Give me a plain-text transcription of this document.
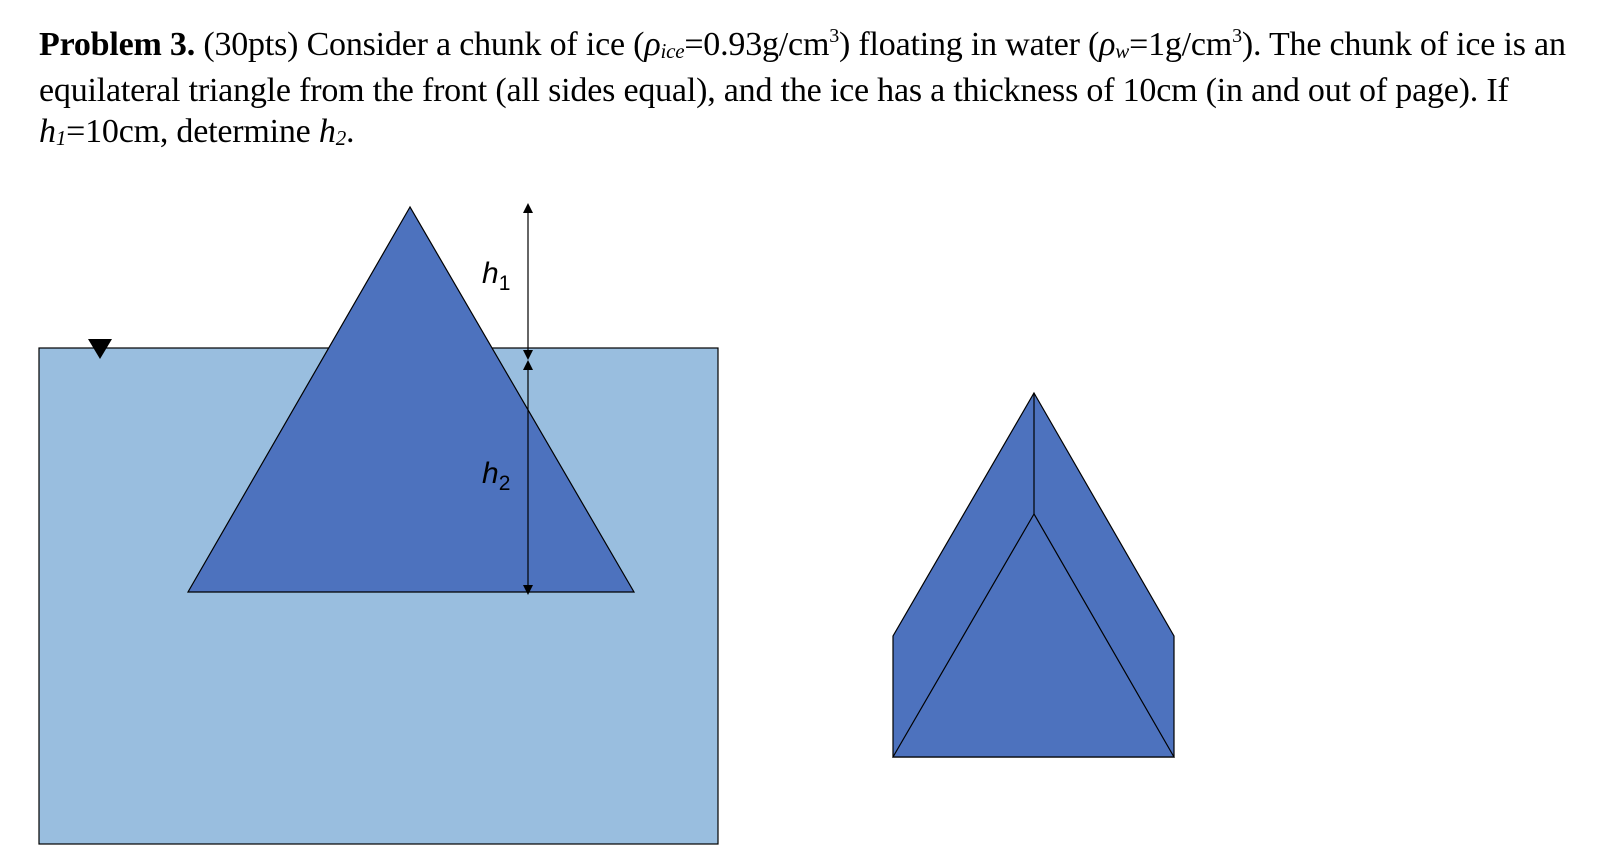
Problem 3. (30pts) Consider a chunk of ice $(\rho ice=0.93g/cm^3)$ floating in water $(\rho w=1g/cm^3)$. The chunk of ice is an equilateral triangle from the front (all sides equal), and the ice has a thickness of 10cm (in and out of page). If h1=10cm, determine h2.
$h_1$
$h_2$
